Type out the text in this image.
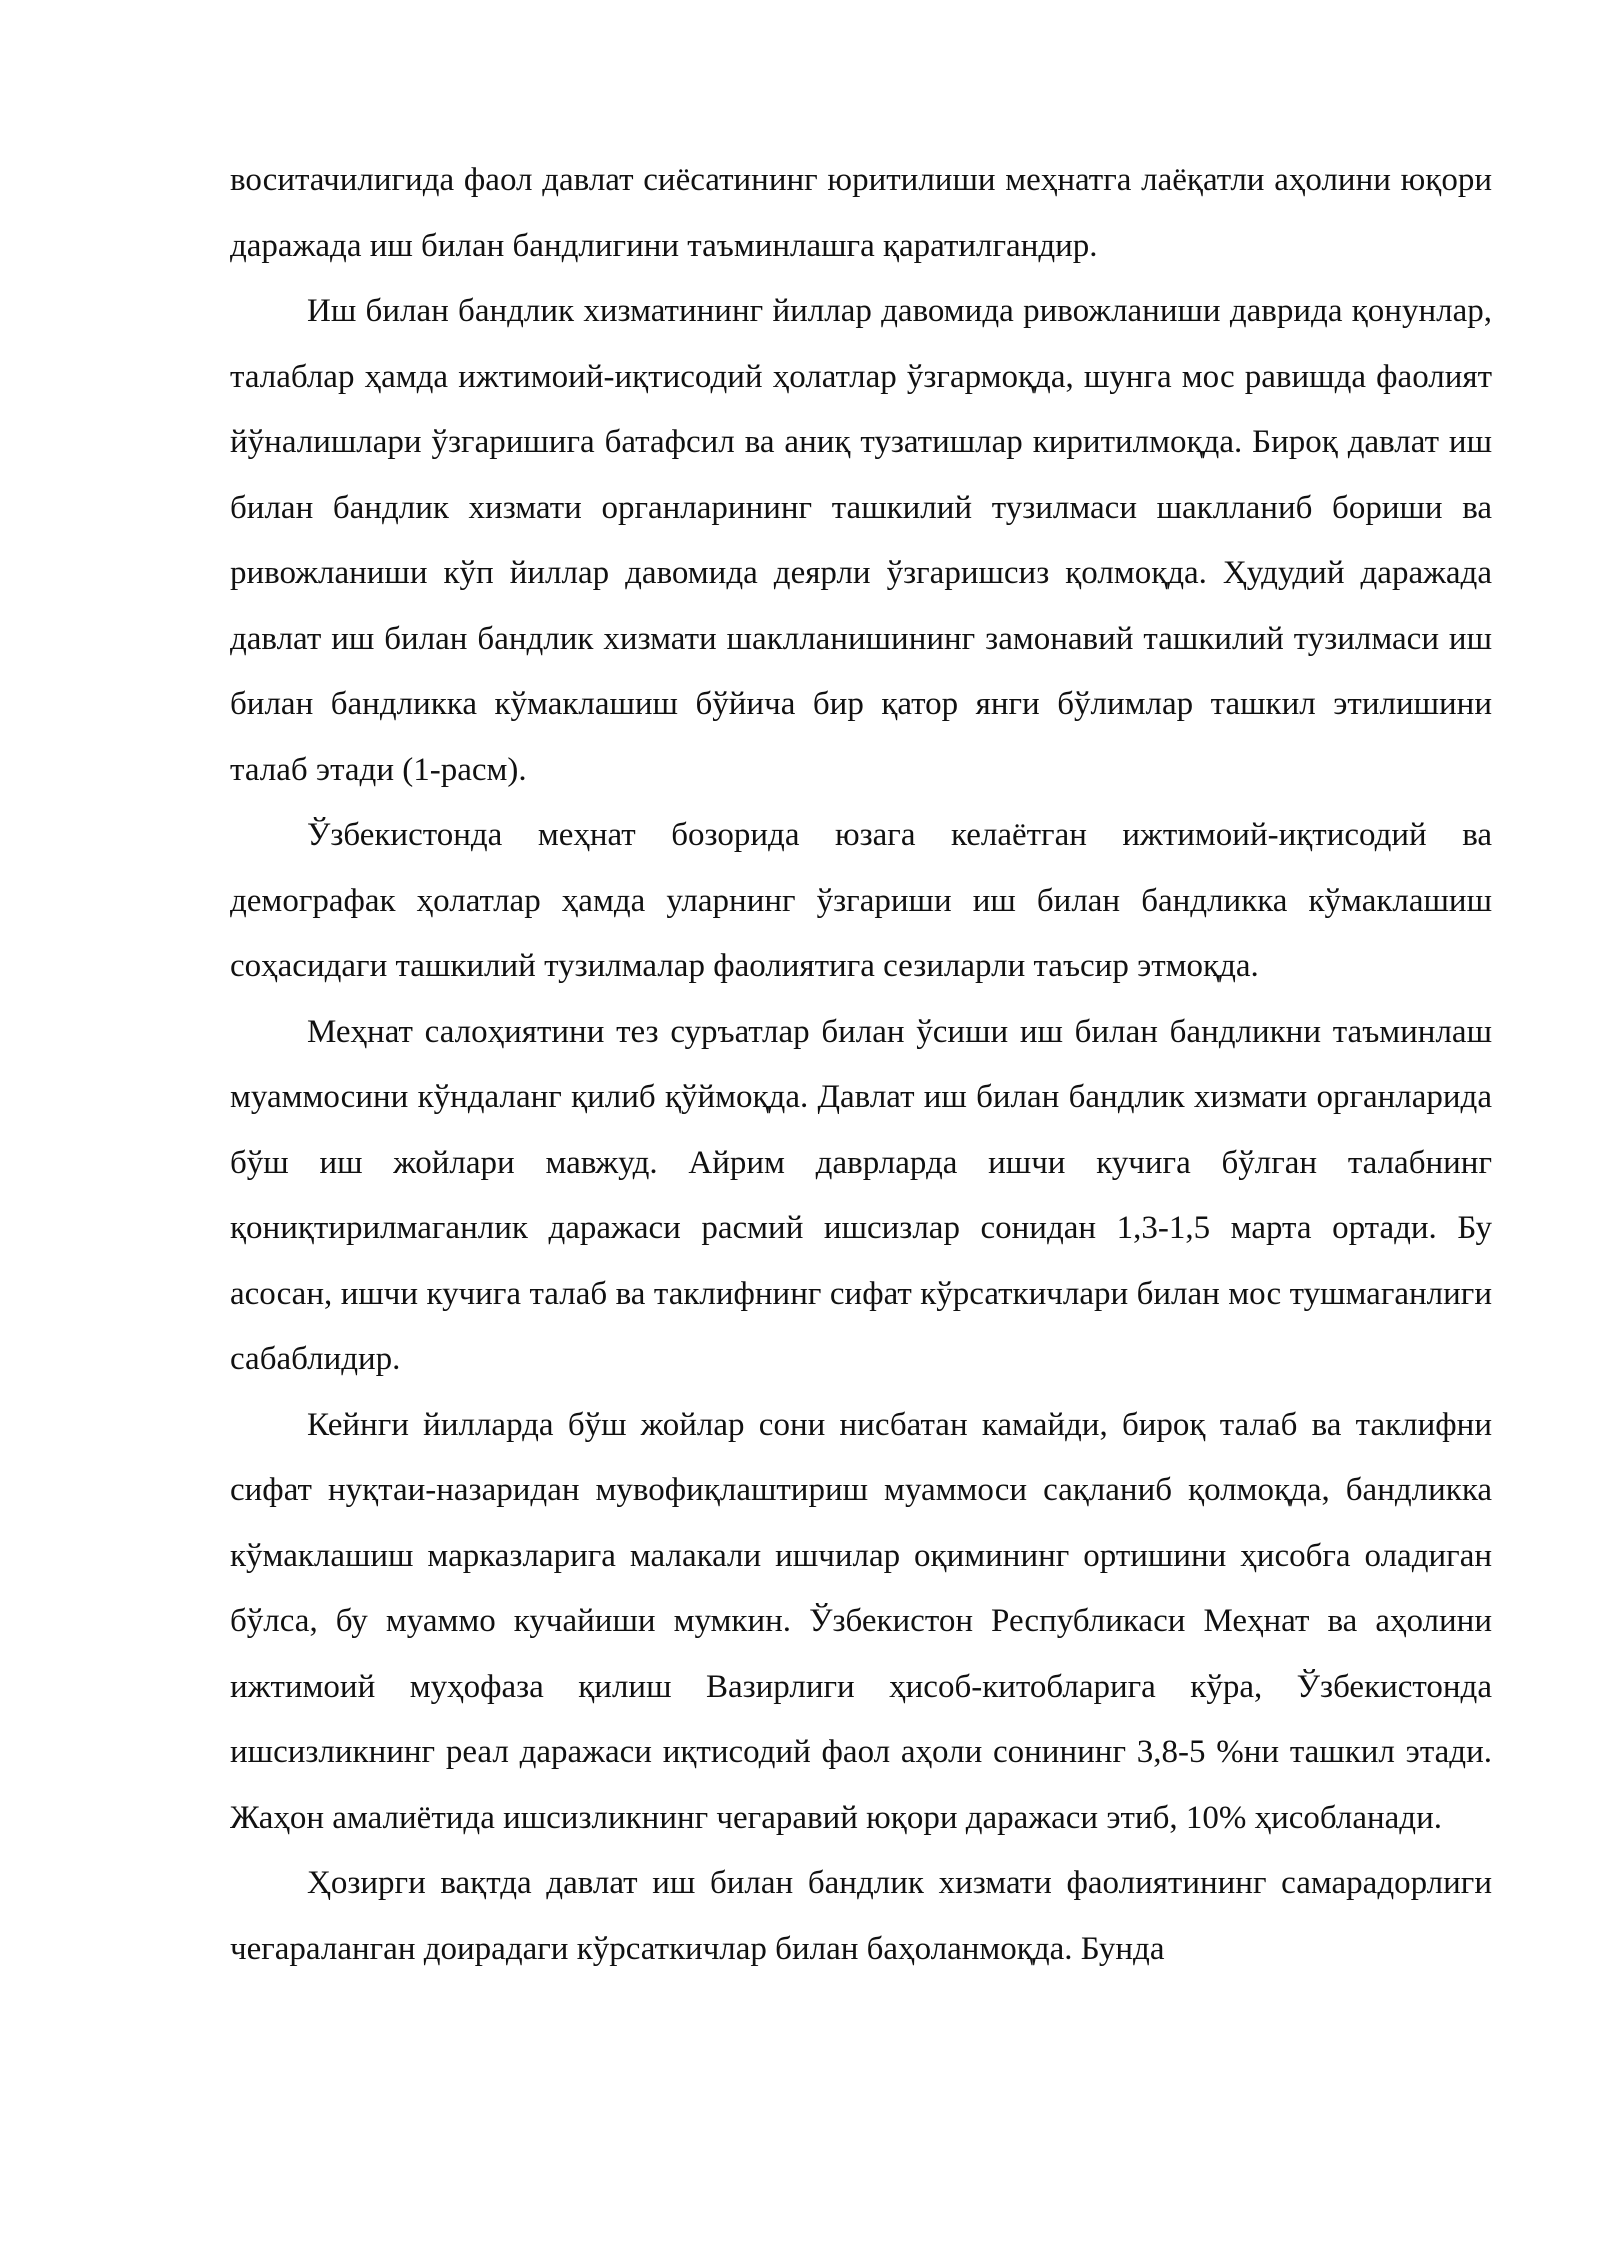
воситачилигида фаол давлат сиёсатининг юритилиши меҳнатга лаёқатли аҳолини юқори даражада иш билан бандлигини таъминлашга қаратилгандир.

Иш билан бандлик хизматининг йиллар давомида ривожланиши даврида қонунлар, талаблар ҳамда ижтимоий-иқтисодий ҳолатлар ўзгармоқда, шунга мос равишда фаолият йўналишлари ўзгаришига батафсил ва аниқ тузатишлар киритилмоқда. Бироқ давлат иш билан бандлик хизмати органларининг ташкилий тузилмаси шаклланиб бориши ва ривожланиши кўп йиллар давомида деярли ўзгаришсиз қолмоқда. Ҳудудий даражада давлат иш билан бандлик хизмати шаклланишининг замонавий ташкилий тузилмаси иш билан бандликка кўмаклашиш бўйича бир қатор янги бўлимлар ташкил этилишини талаб этади (1-расм).

Ўзбекистонда меҳнат бозорида юзага келаётган ижтимоий-иқтисодий ва демографак ҳолатлар ҳамда уларнинг ўзгариши иш билан бандликка кўмаклашиш соҳасидаги ташкилий тузилмалар фаолиятига сезиларли таъсир этмоқда.

Меҳнат салоҳиятини тез суръатлар билан ўсиши иш билан бандликни таъминлаш муаммосини кўндаланг қилиб қўймоқда. Давлат иш билан бандлик хизмати органларида бўш иш жойлари мавжуд. Айрим даврларда ишчи кучига бўлган талабнинг қониқтирилмаганлик даражаси расмий ишсизлар сонидан 1,3-1,5 марта ортади. Бу асосан, ишчи кучига талаб ва таклифнинг сифат кўрсаткичлари билан мос тушмаганлиги сабаблидир.

Кейнги йилларда бўш жойлар сони нисбатан камайди, бироқ талаб ва таклифни сифат нуқтаи-назаридан мувофиқлаштириш муаммоси сақланиб қолмоқда, бандликка кўмаклашиш марказларига малакали ишчилар оқимининг ортишини ҳисобга оладиган бўлса, бу муаммо кучайиши мумкин. Ўзбекистон Республикаси Меҳнат ва аҳолини ижтимоий муҳофаза қилиш Вазирлиги ҳисоб-китобларига кўра, Ўзбекистонда ишсизликнинг реал даражаси иқтисодий фаол аҳоли сонининг 3,8-5 %ни ташкил этади. Жаҳон амалиётида ишсизликнинг чегаравий юқори даражаси этиб, 10% ҳисобланади.

Ҳозирги вақтда давлат иш билан бандлик хизмати фаолиятининг самарадорлиги чегараланган доирадаги кўрсаткичлар билан баҳоланмоқда. Бунда
